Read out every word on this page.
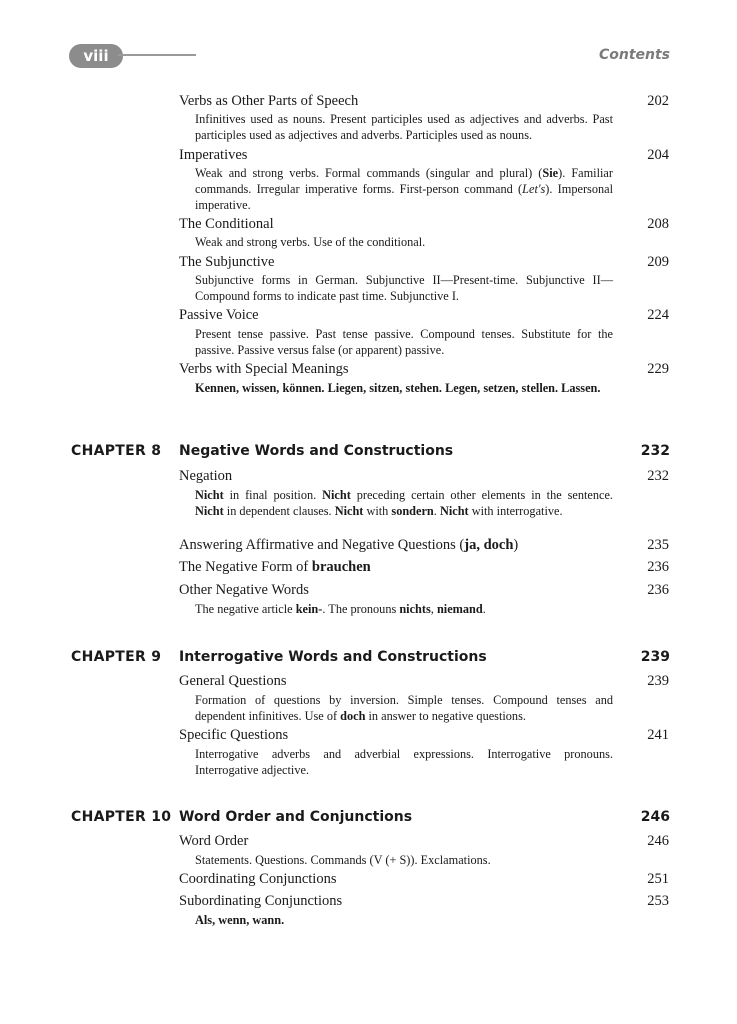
viii	Contents
Verbs as Other Parts of Speech	202
Infinitives used as nouns. Present participles used as adjectives and adverbs. Past participles used as adjectives and adverbs. Participles used as nouns.
Imperatives	204
Weak and strong verbs. Formal commands (singular and plural) (Sie). Familiar commands. Irregular imperative forms. First-person command (Let's). Impersonal imperative.
The Conditional	208
Weak and strong verbs. Use of the conditional.
The Subjunctive	209
Subjunctive forms in German. Subjunctive II—Present-time. Subjunctive II—Compound forms to indicate past time. Subjunctive I.
Passive Voice	224
Present tense passive. Past tense passive. Compound tenses. Substitute for the passive. Passive versus false (or apparent) passive.
Verbs with Special Meanings	229
Kennen, wissen, können. Liegen, sitzen, stehen. Legen, setzen, stellen. Lassen.
CHAPTER 8 Negative Words and Constructions	232
Negation	232
Nicht in final position. Nicht preceding certain other elements in the sentence. Nicht in dependent clauses. Nicht with sondern. Nicht with interrogative.
Answering Affirmative and Negative Questions (ja, doch)	235
The Negative Form of brauchen	236
Other Negative Words	236
The negative article kein-. The pronouns nichts, niemand.
CHAPTER 9 Interrogative Words and Constructions	239
General Questions	239
Formation of questions by inversion. Simple tenses. Compound tenses and dependent infinitives. Use of doch in answer to negative questions.
Specific Questions	241
Interrogative adverbs and adverbial expressions. Interrogative pronouns. Interrogative adjective.
CHAPTER 10 Word Order and Conjunctions	246
Word Order	246
Statements. Questions. Commands (V (+ S)). Exclamations.
Coordinating Conjunctions	251
Subordinating Conjunctions	253
Als, wenn, wann.
